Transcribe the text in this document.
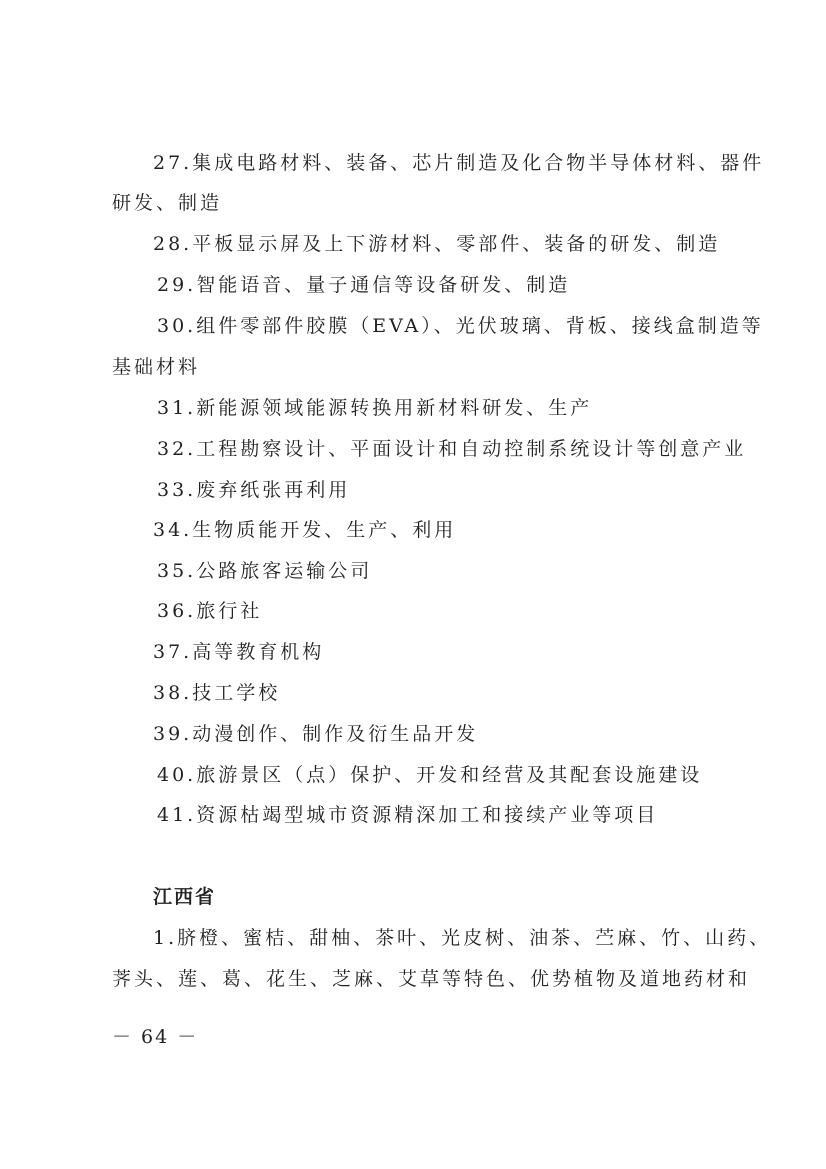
27.集成电路材料、装备、芯片制造及化合物半导体材料、器件
研发、制造
28.平板显示屏及上下游材料、零部件、装备的研发、制造
29.智能语音、量子通信等设备研发、制造
30.组件零部件胶膜（EVA）、光伏玻璃、背板、接线盒制造等
基础材料
31.新能源领域能源转换用新材料研发、生产
32.工程勘察设计、平面设计和自动控制系统设计等创意产业
33.废弃纸张再利用
34.生物质能开发、生产、利用
35.公路旅客运输公司
36.旅行社
37.高等教育机构
38.技工学校
39.动漫创作、制作及衍生品开发
40.旅游景区（点）保护、开发和经营及其配套设施建设
41.资源枯竭型城市资源精深加工和接续产业等项目
江西省
1.脐橙、蜜桔、甜柚、茶叶、光皮树、油茶、苎麻、竹、山药、
荠头、莲、葛、花生、芝麻、艾草等特色、优势植物及道地药材和
－ 64 －
